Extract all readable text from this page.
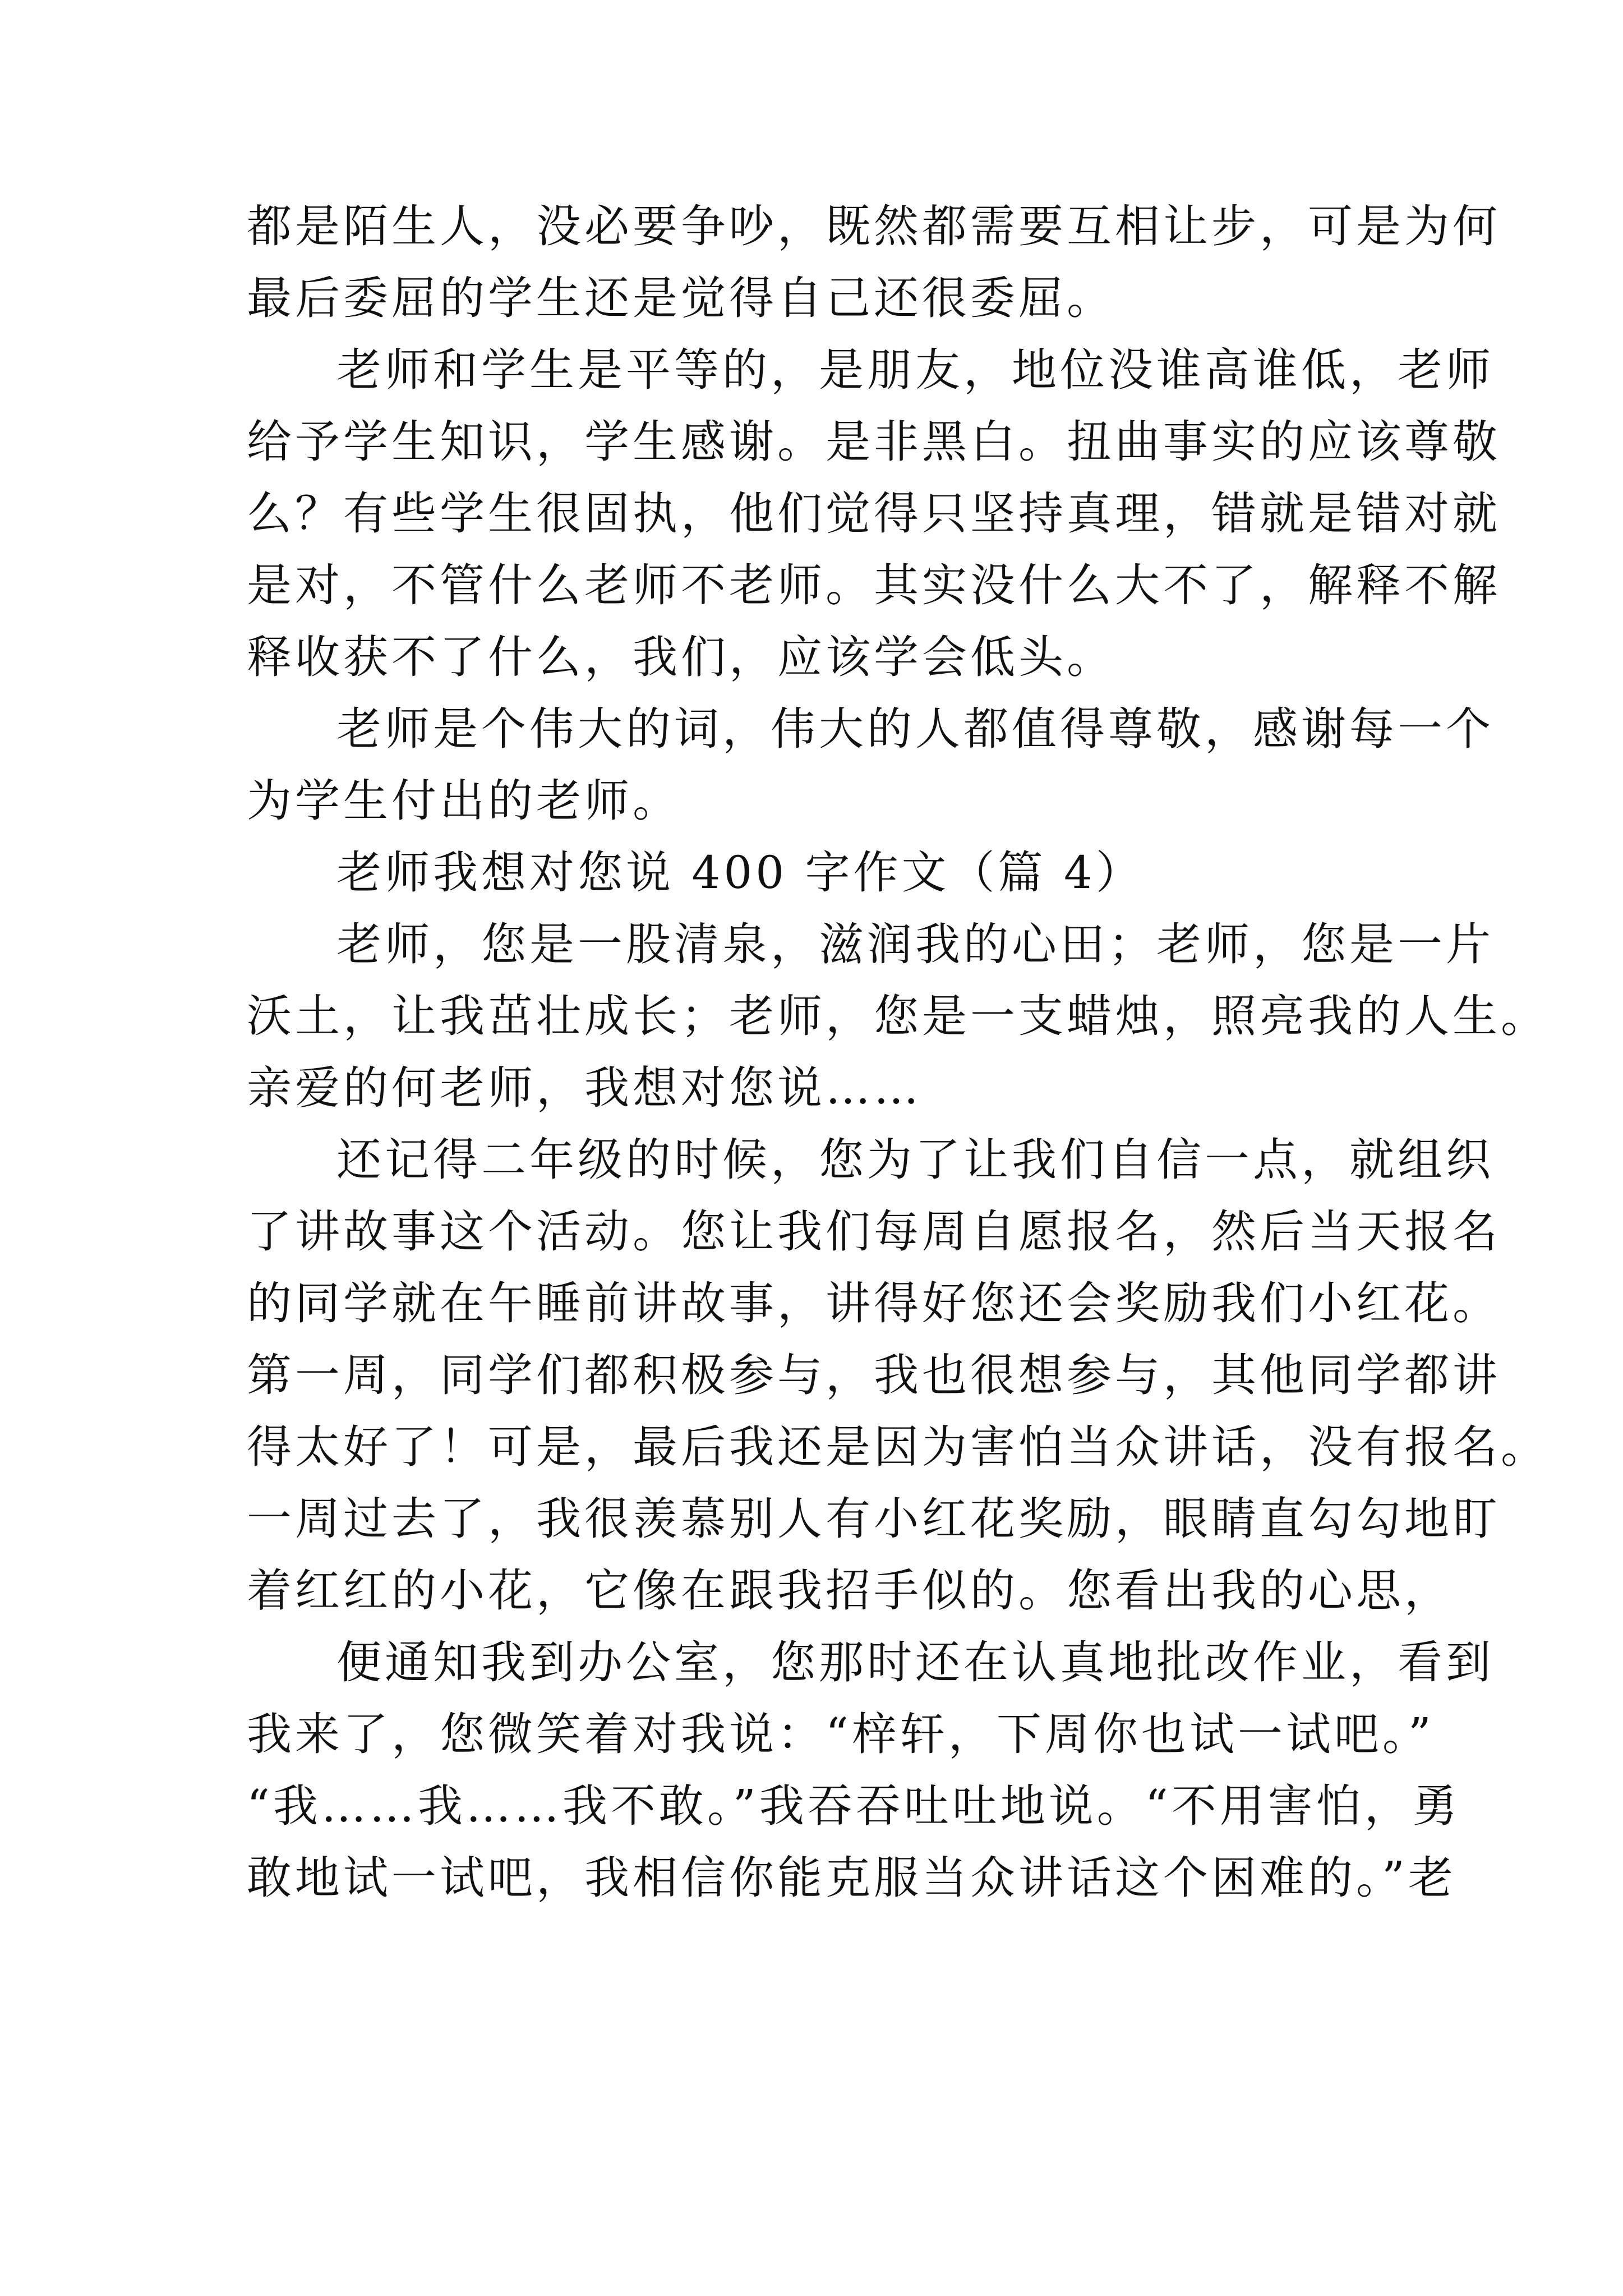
都是陌生人，没必要争吵，既然都需要互相让步，可是为何
最后委屈的学生还是觉得自己还很委屈。
老师和学生是平等的，是朋友，地位没谁高谁低，老师
给予学生知识，学生感谢。是非黑白。扭曲事实的应该尊敬
么？有些学生很固执，他们觉得只坚持真理，错就是错对就
是对，不管什么老师不老师。其实没什么大不了，解释不解
释收获不了什么，我们，应该学会低头。
老师是个伟大的词，伟大的人都值得尊敬，感谢每一个
为学生付出的老师。
老师我想对您说 400 字作文（篇 4）
老师，您是一股清泉，滋润我的心田；老师，您是一片
沃土，让我茁壮成长；老师，您是一支蜡烛，照亮我的人生。
亲爱的何老师，我想对您说……
还记得二年级的时候，您为了让我们自信一点，就组织
了讲故事这个活动。您让我们每周自愿报名，然后当天报名
的同学就在午睡前讲故事，讲得好您还会奖励我们小红花。
第一周，同学们都积极参与，我也很想参与，其他同学都讲
得太好了！可是，最后我还是因为害怕当众讲话，没有报名。
一周过去了，我很羡慕别人有小红花奖励，眼睛直勾勾地盯
着红红的小花，它像在跟我招手似的。您看出我的心思，
便通知我到办公室，您那时还在认真地批改作业，看到
我来了，您微笑着对我说：“梓轩，下周你也试一试吧。”
“我……我……我不敢。”我吞吞吐吐地说。“不用害怕，勇
敢地试一试吧，我相信你能克服当众讲话这个困难的。”老
